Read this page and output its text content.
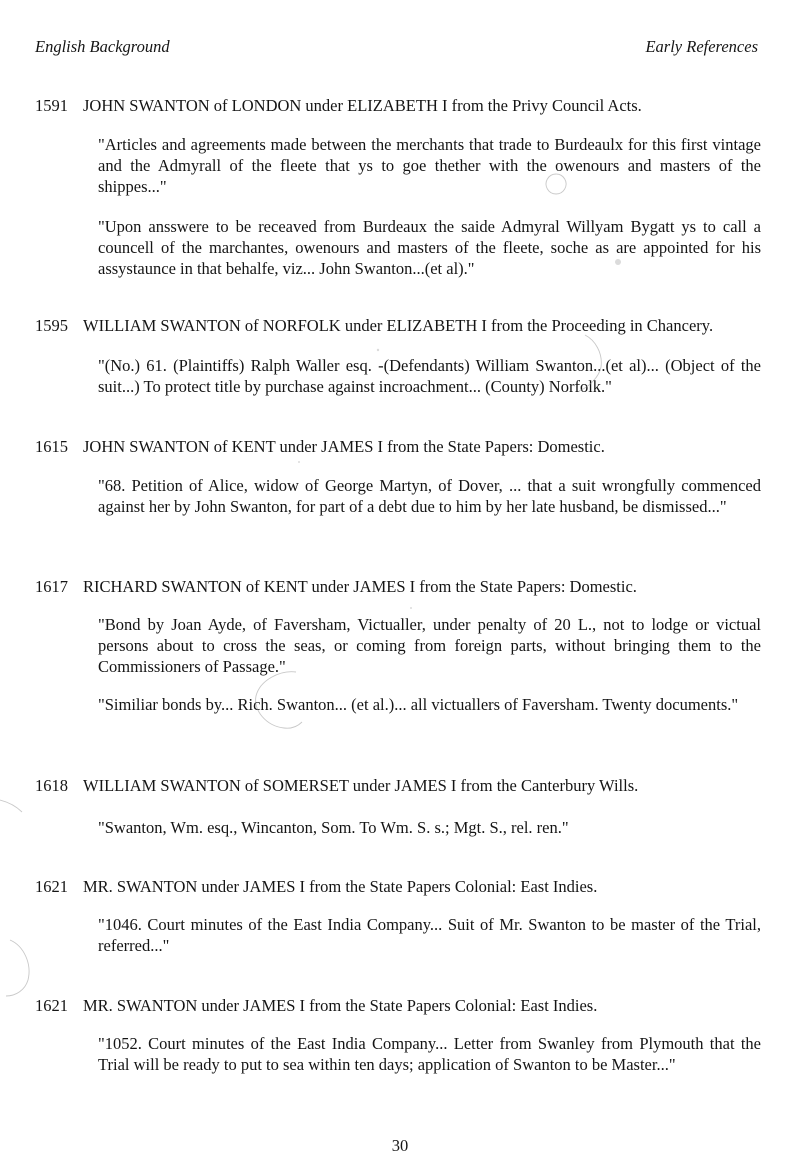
English Background	Early References
1591 JOHN SWANTON of LONDON under ELIZABETH I from the Privy Council Acts.
"Articles and agreements made between the merchants that trade to Burdeaulx for this first vintage and the Admyrall of the fleete that ys to goe thether with the owenours and masters of the shippes..."
"Upon ansswere to be receaved from Burdeaux the saide Admyral Willyam Bygatt ys to call a councell of the marchantes, owenours and masters of the fleete, soche as are appointed for his assystaunce in that behalfe, viz... John Swanton...(et al)."
1595 WILLIAM SWANTON of NORFOLK under ELIZABETH I from the Proceeding in Chancery.
"(No.) 61. (Plaintiffs) Ralph Waller esq. -(Defendants) William Swanton...(et al)... (Object of the suit...) To protect title by purchase against incroachment... (County) Norfolk."
1615 JOHN SWANTON of KENT under JAMES I from the State Papers: Domestic.
"68. Petition of Alice, widow of George Martyn, of Dover, ... that a suit wrongfully commenced against her by John Swanton, for part of a debt due to him by her late husband, be dismissed..."
1617 RICHARD SWANTON of KENT under JAMES I from the State Papers: Domestic.
"Bond by Joan Ayde, of Faversham, Victualler, under penalty of 20 L., not to lodge or victual persons about to cross the seas, or coming from foreign parts, without bringing them to the Commissioners of Passage."
"Similiar bonds by... Rich. Swanton... (et al.)... all victuallers of Faversham. Twenty documents."
1618 WILLIAM SWANTON of SOMERSET under JAMES I from the Canterbury Wills.
"Swanton, Wm. esq., Wincanton, Som. To Wm. S. s.; Mgt. S., rel. ren."
1621 MR. SWANTON under JAMES I from the State Papers Colonial: East Indies.
"1046. Court minutes of the East India Company... Suit of Mr. Swanton to be master of the Trial, referred..."
1621 MR. SWANTON under JAMES I from the State Papers Colonial: East Indies.
"1052. Court minutes of the East India Company... Letter from Swanley from Plymouth that the Trial will be ready to put to sea within ten days; application of Swanton to be Master..."
30
